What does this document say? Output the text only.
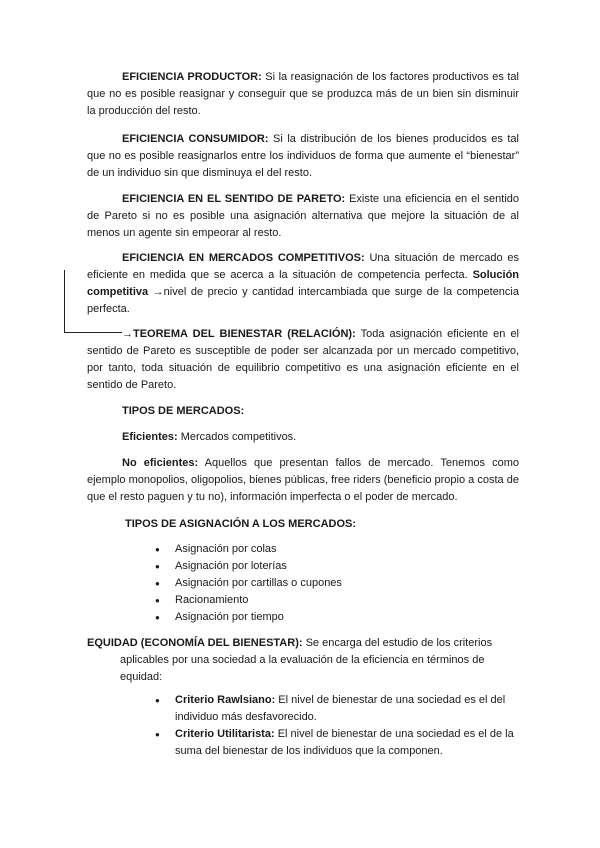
EFICIENCIA PRODUCTOR: Si la reasignación de los factores productivos es tal que no es posible reasignar y conseguir que se produzca más de un bien sin disminuir la producción del resto.

EFICIENCIA CONSUMIDOR: Si la distribución de los bienes producidos es tal que no es posible reasignarlos entre los individuos de forma que aumente el “bienestar” de un individuo sin que disminuya el del resto.

EFICIENCIA EN EL SENTIDO DE PARETO: Existe una eficiencia en el sentido de Pareto si no es posible una asignación alternativa que mejore la situación de al menos un agente sin empeorar al resto.

EFICIENCIA EN MERCADOS COMPETITIVOS: Una situación de mercado es eficiente en medida que se acerca a la situación de competencia perfecta. Solución competitiva →nivel de precio y cantidad intercambiada que surge de la competencia perfecta.

→TEOREMA DEL BIENESTAR (RELACIÓN): Toda asignación eficiente en el sentido de Pareto es susceptible de poder ser alcanzada por un mercado competitivo, por tanto, toda situación de equilibrio competitivo es una asignación eficiente en el sentido de Pareto.

TIPOS DE MERCADOS:

Eficientes: Mercados competitivos.

No eficientes: Aquellos que presentan fallos de mercado. Tenemos como ejemplo monopolios, oligopolios, bienes públicas, free riders (beneficio propio a costa de que el resto paguen y tu no), información imperfecta o el poder de mercado.

TIPOS DE ASIGNACIÓN A LOS MERCADOS:
● Asignación por colas
● Asignación por loterías
● Asignación por cartillas o cupones
● Racionamiento
● Asignación por tiempo
EQUIDAD (ECONOMÍA DEL BIENESTAR): Se encarga del estudio de los criterios
aplicables por una sociedad a la evaluación de la eficiencia en términos de equidad:
● Criterio Rawlsiano: El nivel de bienestar de una sociedad es el del individuo más desfavorecido.
● Criterio Utilitarista: El nivel de bienestar de una sociedad es el de la suma del bienestar de los individuos que la componen.
